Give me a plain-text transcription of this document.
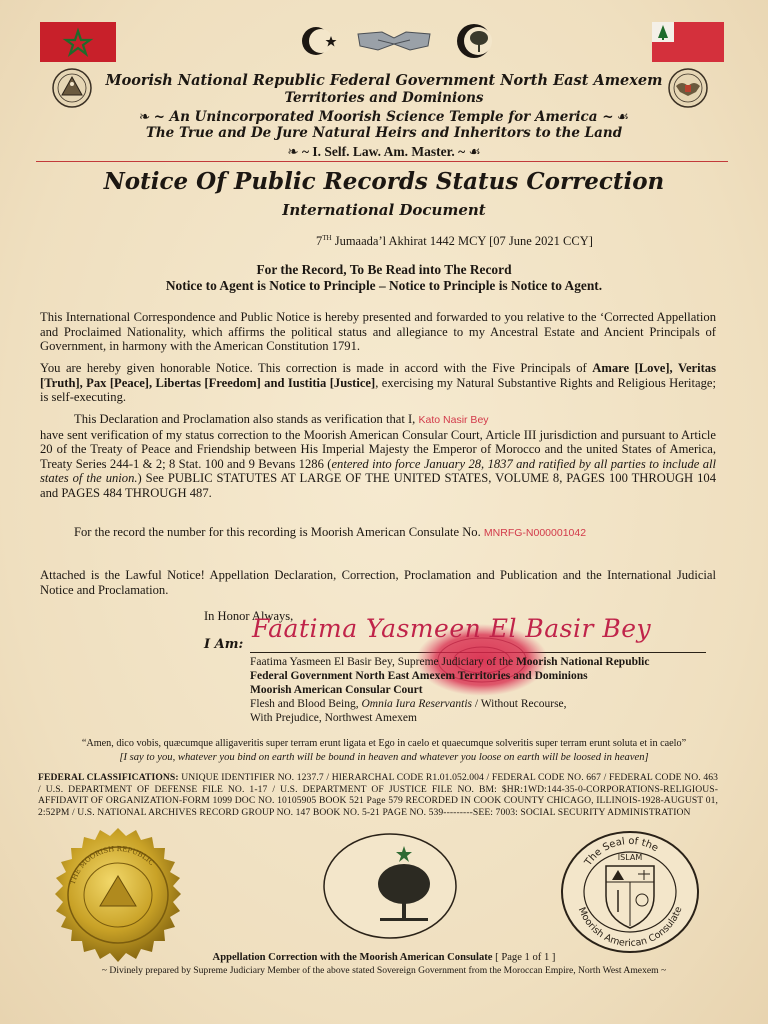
Moorish National Republic Federal Government North East Amexem
Territories and Dominions
❧ ~ An Unincorporated Moorish Science Temple for America ~ ☙
The True and De Jure Natural Heirs and Inheritors to the Land
❧ ~ I. Self. Law. Am. Master. ~ ☙
Notice Of Public Records Status Correction
International Document
7TH Jumaada’l Akhirat 1442 MCY [07 June 2021 CCY]
For the Record, To Be Read into The Record
Notice to Agent is Notice to Principle – Notice to Principle is Notice to Agent.
This International Correspondence and Public Notice is hereby presented and forwarded to you relative to the ‘Corrected Appellation and Proclaimed Nationality, which affirms the political status and allegiance to my Ancestral Estate and Ancient Principals of Government, in harmony with the American Constitution 1791.
You are hereby given honorable Notice. This correction is made in accord with the Five Principals of Amare [Love], Veritas [Truth], Pax [Peace], Libertas [Freedom] and Iustitia [Justice], exercising my Natural Substantive Rights and Religious Heritage; is self-executing.
This Declaration and Proclamation also stands as verification that I, Kato Nasir Bey
have sent verification of my status correction to the Moorish American Consular Court, Article III jurisdiction and pursuant to Article 20 of the Treaty of Peace and Friendship between His Imperial Majesty the Emperor of Morocco and the united States of America, Treaty Series 244-1 & 2; 8 Stat. 100 and 9 Bevans 1286 (entered into force January 28, 1837 and ratified by all parties to include all states of the union.) See PUBLIC STATUTES AT LARGE OF THE UNITED STATES, VOLUME 8, PAGES 100 THROUGH 104 and PAGES 484 THROUGH 487.
For the record the number for this recording is Moorish American Consulate No. MNRFG-N000001042
Attached is the Lawful Notice! Appellation Declaration, Correction, Proclamation and Publication and the International Judicial Notice and Proclamation.
In Honor Always,
I Am:
Faatima Yasmeen El Basir Bey
Faatima Yasmeen El Basir Bey, Supreme Judiciary of the Moorish National Republic
Federal Government North East Amexem Territories and Dominions
Moorish American Consular Court
Flesh and Blood Being, Omnia Iura Reservantis / Without Recourse,
With Prejudice, Northwest Amexem
“Amen, dico vobis, quæcumque alligaveritis super terram erunt ligata et Ego in caelo et quaecumque solveritis super terram erunt soluta et in caelo”
[I say to you, whatever you bind on earth will be bound in heaven and whatever you loose on earth will be loosed in heaven]
FEDERAL CLASSIFICATIONS: UNIQUE IDENTIFIER NO. 1237.7 / HIERARCHAL CODE R1.01.052.004 / FEDERAL CODE NO. 667 / FEDERAL CODE NO. 463 / U.S. DEPARTMENT OF DEFENSE FILE NO. 1-17 / U.S. DEPARTMENT OF JUSTICE FILE NO. BM: $HR:1WD:144-35-0-CORPORATIONS-RELIGIOUS-AFFIDAVIT OF ORGANIZATION-FORM 1099 DOC NO. 10105905 BOOK 521 Page 579 RECORDED IN COOK COUNTY CHICAGO, ILLINOIS-1928-AUGUST 01, 2:52PM / U.S. NATIONAL ARCHIVES RECORD GROUP NO. 147 BOOK NO. 5-21 PAGE NO. 539---------SEE: 7003: SOCIAL SECURITY ADMINISTRATION
THE MOORISH REPUBLIC	The Seal of the
ISLAM
Moorish American Consulate
Appellation Correction with the Moorish American Consulate [ Page 1 of 1 ]
~ Divinely prepared by Supreme Judiciary Member of the above stated Sovereign Government from the Moroccan Empire, North West Amexem ~
